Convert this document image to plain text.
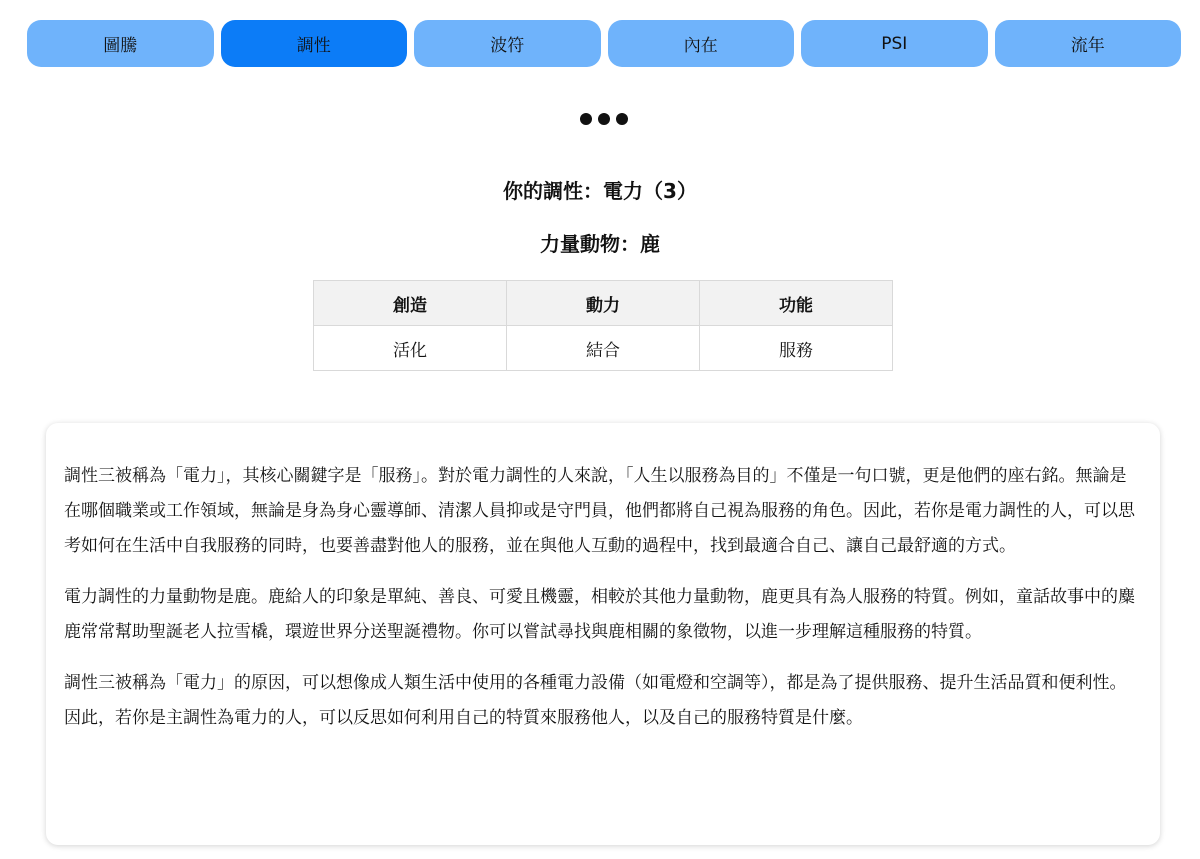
圖騰	調性	波符	內在	PSI	流年
你的調性：電力（3）
力量動物：鹿
創造	動力	功能
活化	結合	服務

調性三被稱為「電力」，其核心關鍵字是「服務」。對於電力調性的人來說，「人生以服務為目的」不僅是一句口號，更是他們的座右銘。無論是在哪個職業或工作領域，無論是身為身心靈導師、清潔人員抑或是守門員，他們都將自己視為服務的角色。因此，若你是電力調性的人，可以思考如何在生活中自我服務的同時，也要善盡對他人的服務，並在與他人互動的過程中，找到最適合自己、讓自己最舒適的方式。

電力調性的力量動物是鹿。鹿給人的印象是單純、善良、可愛且機靈，相較於其他力量動物，鹿更具有為人服務的特質。例如，童話故事中的麋鹿常常幫助聖誕老人拉雪橇，環遊世界分送聖誕禮物。你可以嘗試尋找與鹿相關的象徵物，以進一步理解這種服務的特質。

調性三被稱為「電力」的原因，可以想像成人類生活中使用的各種電力設備（如電燈和空調等），都是為了提供服務、提升生活品質和便利性。因此，若你是主調性為電力的人，可以反思如何利用自己的特質來服務他人，以及自己的服務特質是什麼。
